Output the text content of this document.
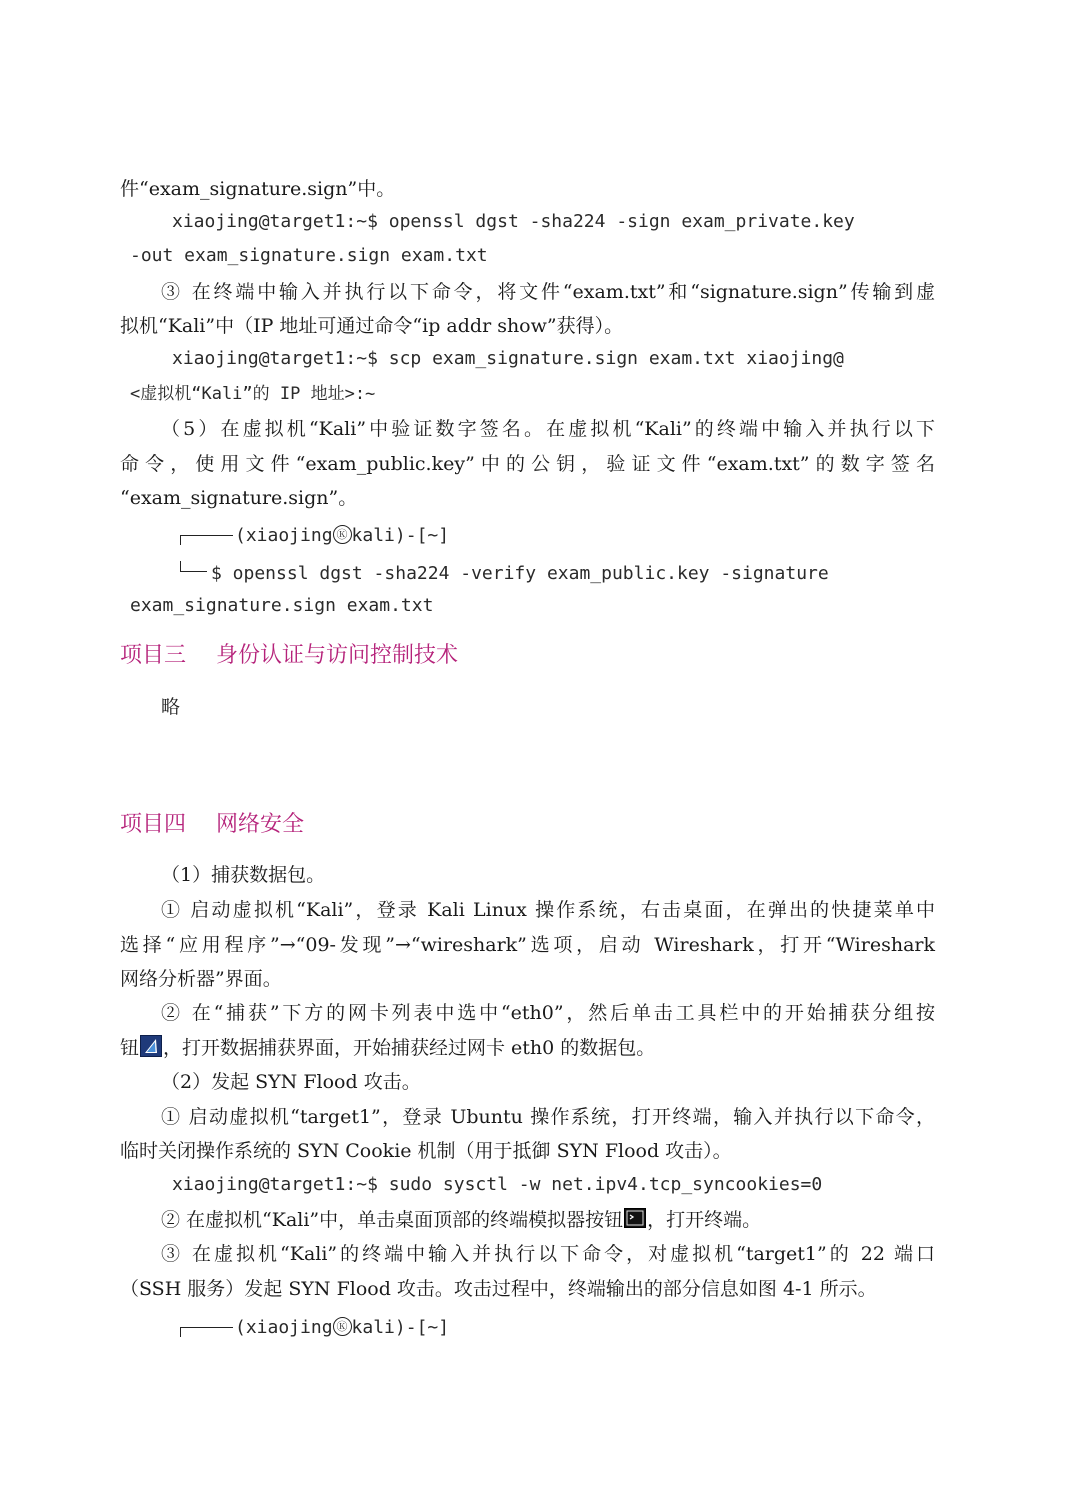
件“exam_signature.sign”中。
xiaojing@target1:~$ openssl dgst -sha224 -sign exam_private.key
-out exam_signature.sign exam.txt
③ 在终端中输入并执行以下命令，将文件“exam.txt”和“signature.sign”传输到虚
拟机“Kali”中（IP 地址可通过命令“ip addr show”获得）。
xiaojing@target1:~$ scp exam_signature.sign exam.txt xiaojing@
<虚拟机“Kali”的 IP 地址>:~
（5）在虚拟机“Kali”中验证数字签名。在虚拟机“Kali”的终端中输入并执行以下
命令，使用文件“exam_public.key”中的公钥，验证文件“exam.txt”的数字签名
“exam_signature.sign”。
(xiaojing Ⓚ kali)-[~]
$ openssl dgst -sha224 -verify exam_public.key -signature
exam_signature.sign exam.txt
项目三 身份认证与访问控制技术
略
项目四 网络安全
（1）捕获数据包。
① 启动虚拟机“Kali”，登录 Kali Linux 操作系统，右击桌面，在弹出的快捷菜单中
选择“应用程序”→“09-发现”→“wireshark”选项，启动 Wireshark，打开“Wireshark
网络分析器”界面。
② 在“捕获”下方的网卡列表中选中“eth0”，然后单击工具栏中的开始捕获分组按
钮 ，打开数据捕获界面，开始捕获经过网卡 eth0 的数据包。
（2）发起 SYN Flood 攻击。
① 启动虚拟机“target1”，登录 Ubuntu 操作系统，打开终端，输入并执行以下命令，
临时关闭操作系统的 SYN Cookie 机制（用于抵御 SYN Flood 攻击）。
xiaojing@target1:~$ sudo sysctl -w net.ipv4.tcp_syncookies=0
② 在虚拟机“Kali”中，单击桌面顶部的终端模拟器按钮 ，打开终端。
③ 在虚拟机“Kali”的终端中输入并执行以下命令，对虚拟机“target1”的 22 端口
（SSH 服务）发起 SYN Flood 攻击。攻击过程中，终端输出的部分信息如图 4-1 所示。
(xiaojing Ⓚ kali)-[~]
